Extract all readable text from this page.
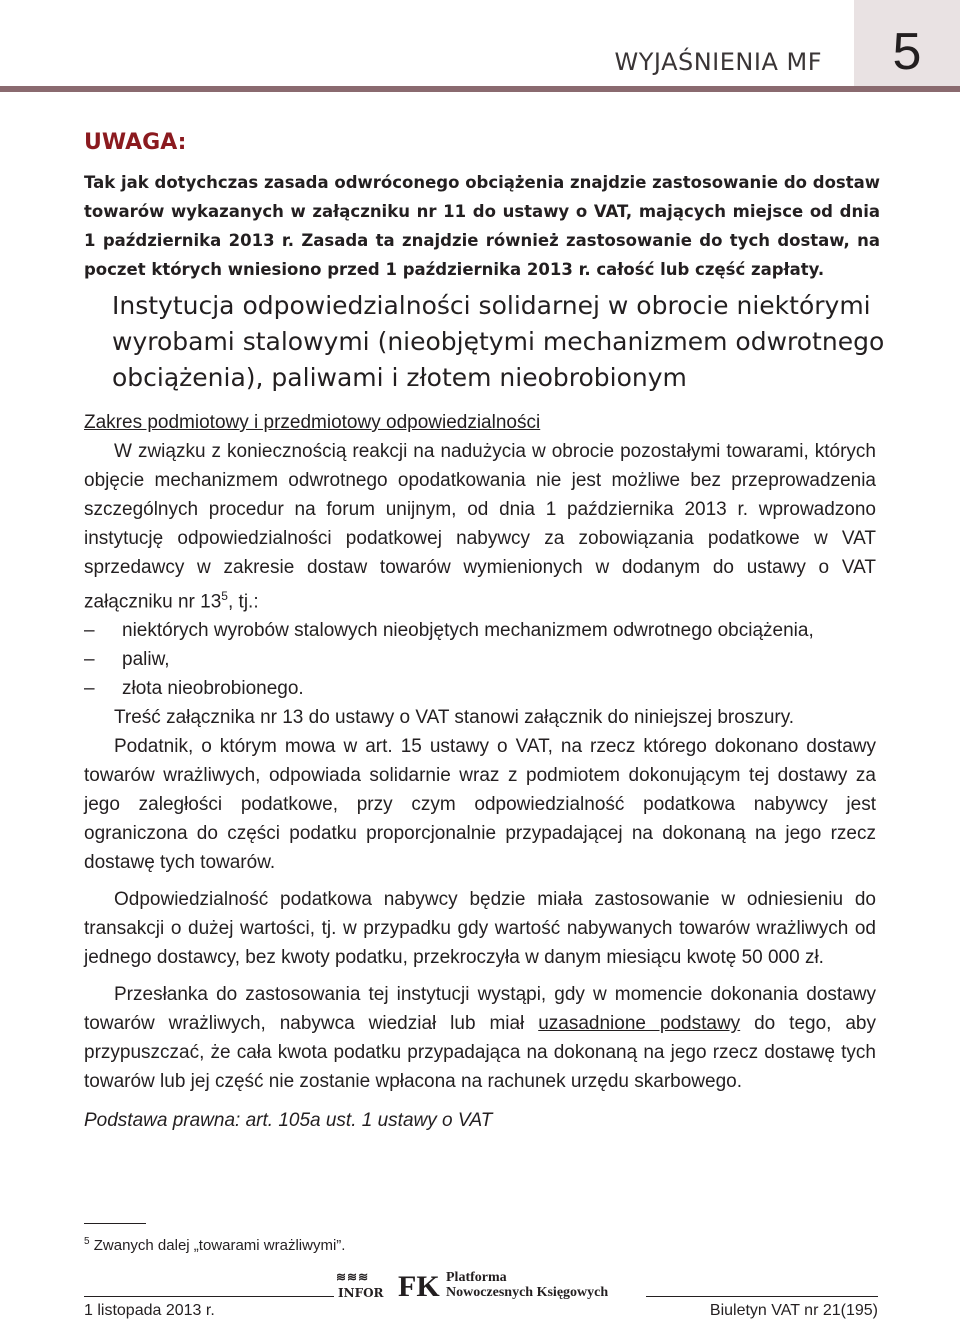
WYJAŚNIENIA MF	5
UWAGA:

Tak jak dotychczas zasada odwróconego obciążenia znajdzie zastosowanie do dostaw towarów wykazanych w załączniku nr 11 do ustawy o VAT, mających miejsce od dnia 1 października 2013 r. Zasada ta znajdzie również zastosowanie do tych dostaw, na poczet których wniesiono przed 1 października 2013 r. całość lub część zapłaty.

Instytucja odpowiedzialności solidarnej w obrocie niektórymi wyrobami stalowymi (nieobjętymi mechanizmem odwrotnego obciążenia), paliwami i złotem nieobrobionym

Zakres podmiotowy i przedmiotowy odpowiedzialności

W związku z koniecznością reakcji na nadużycia w obrocie pozostałymi towarami, których objęcie mechanizmem odwrotnego opodatkowania nie jest możliwe bez przeprowadzenia szczególnych procedur na forum unijnym, od dnia 1 października 2013 r. wprowadzono instytucję odpowiedzialności podatkowej nabywcy za zobowiązania podatkowe w VAT sprzedawcy w zakresie dostaw towarów wymienionych w dodanym do ustawy o VAT załączniku nr $13^5$, tj.:

– niektórych wyrobów stalowych nieobjętych mechanizmem odwrotnego obciążenia,
– paliw,
– złota nieobrobionego.

Treść załącznika nr 13 do ustawy o VAT stanowi załącznik do niniejszej broszury.

Podatnik, o którym mowa w art. 15 ustawy o VAT, na rzecz którego dokonano dostawy towarów wrażliwych, odpowiada solidarnie wraz z podmiotem dokonującym tej dostawy za jego zaległości podatkowe, przy czym odpowiedzialność podatkowa nabywcy jest ograniczona do części podatku proporcjonalnie przypadającej na dokonaną na jego rzecz dostawę tych towarów.

Odpowiedzialność podatkowa nabywcy będzie miała zastosowanie w odniesieniu do transakcji o dużej wartości, tj. w przypadku gdy wartość nabywanych towarów wrażliwych od jednego dostawcy, bez kwoty podatku, przekroczyła w danym miesiącu kwotę 50 000 zł.

Przesłanka do zastosowania tej instytucji wystąpi, gdy w momencie dokonania dostawy towarów wrażliwych, nabywca wiedział lub miał uzasadnione podstawy do tego, aby przypuszczać, że cała kwota podatku przypadająca na dokonaną na jego rzecz dostawę tych towarów lub jej część nie zostanie wpłacona na rachunek urzędu skarbowego.

Podstawa prawna: art. 105a ust. 1 ustawy o VAT

$^5$ Zwanych dalej „towarami wrażliwymi”.
≋≋≋
INFOR FK Platforma
Nowoczesnych Księgowych
1 listopada 2013 r.	Biuletyn VAT nr 21(195)
